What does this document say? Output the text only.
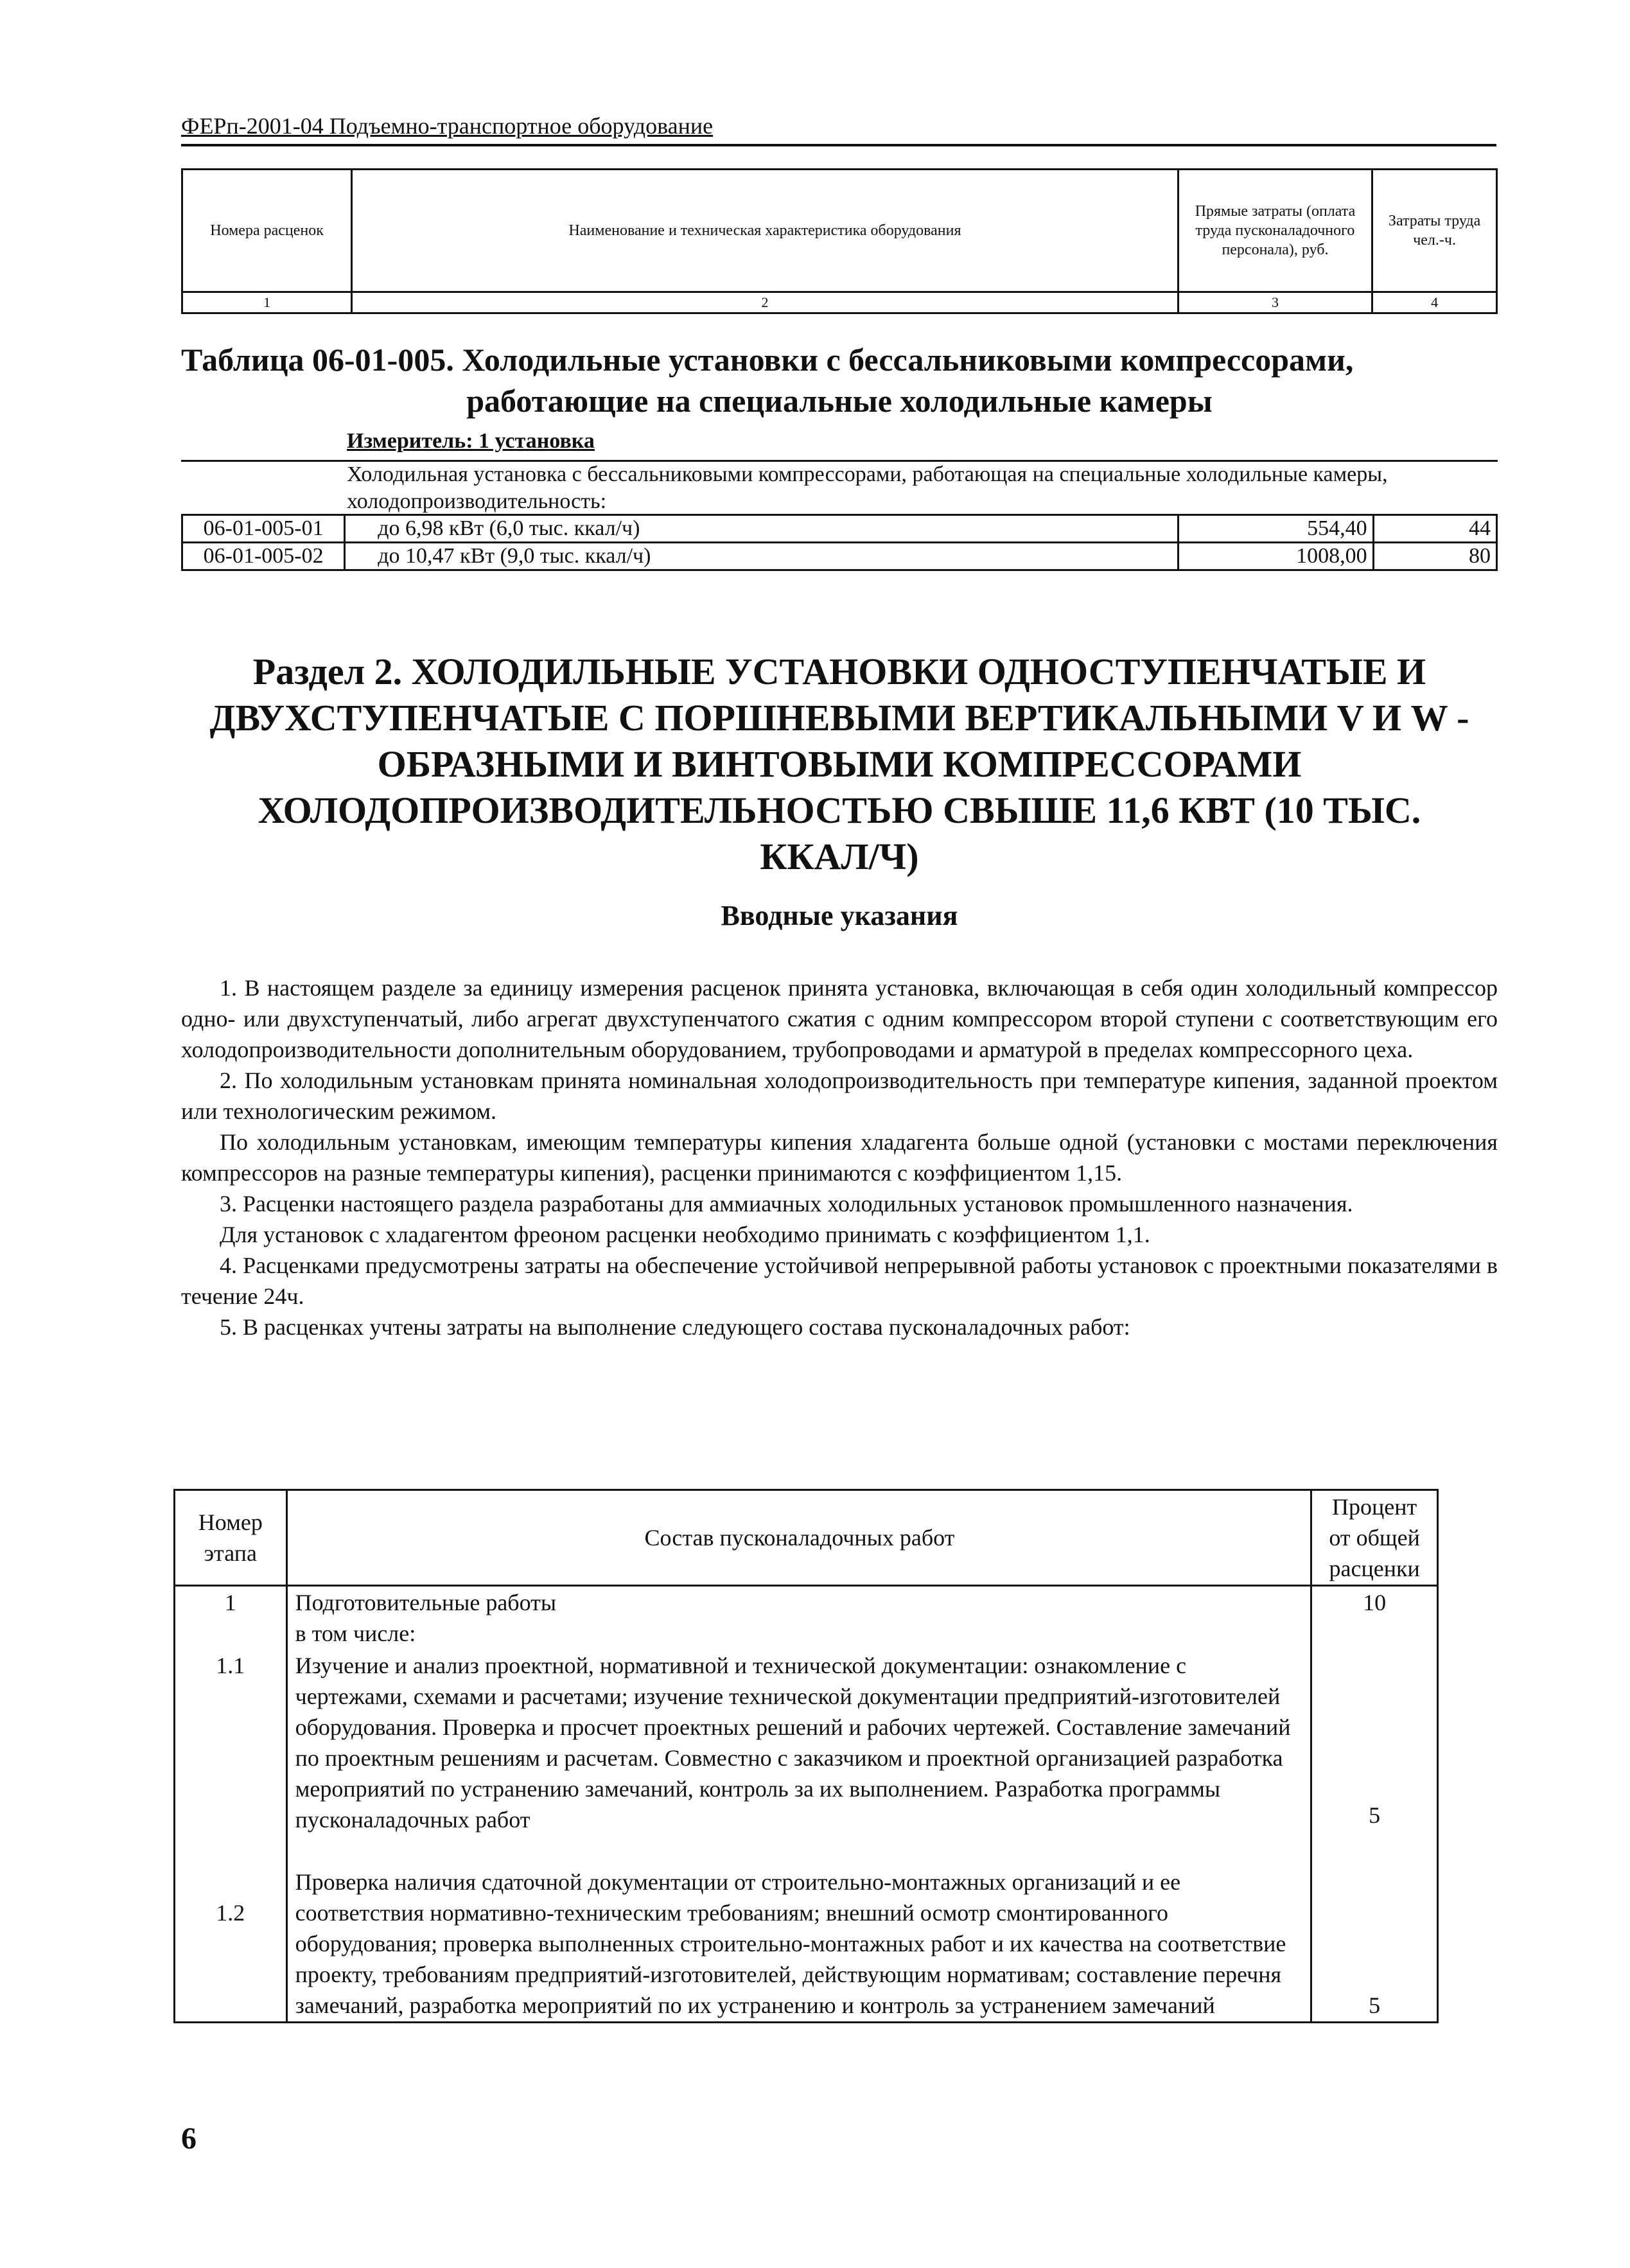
ФЕРп-2001-04 Подъемно-транспортное оборудование
Номера расценок	Наименование и техническая характеристика оборудования	Прямые затраты (оплата труда пусконаладочного персонала), руб.	Затраты труда чел.-ч.
1	2	3	4
Таблица 06-01-005. Холодильные установки с бессальниковыми компрессорами,
работающие на специальные холодильные камеры
Измеритель: 1 установка
Холодильная установка с бессальниковыми компрессорами, работающая на специальные холодильные камеры, холодопроизводительность:
06-01-005-01	до 6,98 кВт (6,0 тыс. ккал/ч)	554,40	44
06-01-005-02	до 10,47 кВт (9,0 тыс. ккал/ч)	1008,00	80
Раздел 2. ХОЛОДИЛЬНЫЕ УСТАНОВКИ ОДНОСТУПЕНЧАТЫЕ И
ДВУХСТУПЕНЧАТЫЕ С ПОРШНЕВЫМИ ВЕРТИКАЛЬНЫМИ V И W -
ОБРАЗНЫМИ И ВИНТОВЫМИ КОМПРЕССОРАМИ
ХОЛОДОПРОИЗВОДИТЕЛЬНОСТЬЮ СВЫШЕ 11,6 КВТ (10 ТЫС.
ККАЛ/Ч)
Вводные указания

1. В настоящем разделе за единицу измерения расценок принята установка, включающая в себя один холодильный компрессор одно- или двухступенчатый, либо агрегат двухступенчатого сжатия с одним компрессором второй ступени с соответствующим его холодопроизводительности дополнительным оборудованием, трубопроводами и арматурой в пределах компрессорного цеха.

2. По холодильным установкам принята номинальная холодопроизводительность при температуре кипения, заданной проектом или технологическим режимом.

По холодильным установкам, имеющим температуры кипения хладагента больше одной (установки с мостами переключения компрессоров на разные температуры кипения), расценки принимаются с коэффициентом 1,15.

3. Расценки настоящего раздела разработаны для аммиачных холодильных установок промышленного назначения.

Для установок с хладагентом фреоном расценки необходимо принимать с коэффициентом 1,1.

4. Расценками предусмотрены затраты на обеспечение устойчивой непрерывной работы установок с проектными показателями в течение 24ч.

5. В расценках учтены затраты на выполнение следующего состава пусконаладочных работ:

Номер
этапа	Состав пусконаладочных работ	Процент
от общей
расценки

1	Подготовительные работы
в том числе:	10
1.1	Изучение и анализ проектной, нормативной и технической документации: ознакомление с чертежами, схемами и расчетами; изучение технической документации предприятий-изготовителей оборудования. Проверка и просчет проектных решений и рабочих чертежей. Составление замечаний по проектным решениям и расчетам. Совместно с заказчиком и проектной организацией разработка мероприятий по устранению замечаний, контроль за их выполнением. Разработка программы пусконаладочных работ	5
1.2	Проверка наличия сдаточной документации от строительно-монтажных организаций и ее соответствия нормативно-техническим требованиям; внешний осмотр смонтированного оборудования; проверка выполненных строительно-монтажных работ и их качества на соответствие проекту, требованиям предприятий-изготовителей, действующим нормативам; составление перечня замечаний, разработка мероприятий по их устранению и контроль за устранением замечаний	5
6
